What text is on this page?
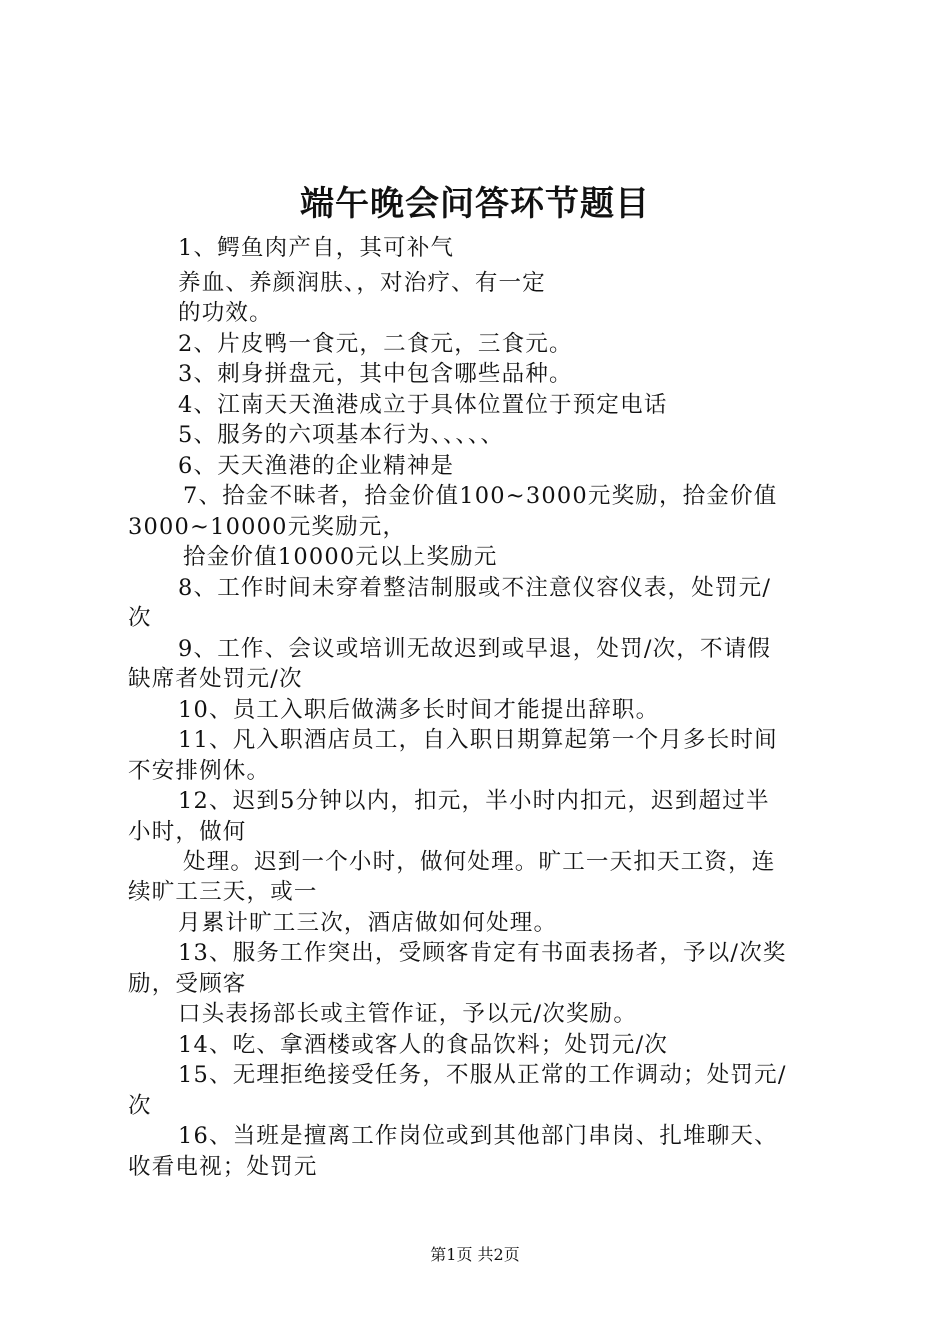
端午晚会问答环节题目
1、鳄鱼肉产自，其可补气
养血、养颜润肤、，对治疗、有一定
的功效。
2、片皮鸭一食元，二食元，三食元。
3、刺身拼盘元，其中包含哪些品种。
4、江南天天渔港成立于具体位置位于预定电话
5、服务的六项基本行为、、、、、
6、天天渔港的企业精神是
7、拾金不昧者，拾金价值100~3000元奖励，拾金价值
3000~10000元奖励元，
拾金价值10000元以上奖励元
8、工作时间未穿着整洁制服或不注意仪容仪表，处罚元/
次
9、工作、会议或培训无故迟到或早退，处罚/次，不请假
缺席者处罚元/次
10、员工入职后做满多长时间才能提出辞职。
11、凡入职酒店员工，自入职日期算起第一个月多长时间
不安排例休。
12、迟到5分钟以内，扣元，半小时内扣元，迟到超过半
小时，做何
处理。迟到一个小时，做何处理。旷工一天扣天工资，连
续旷工三天，或一
月累计旷工三次，酒店做如何处理。
13、服务工作突出，受顾客肯定有书面表扬者，予以/次奖
励，受顾客
口头表扬部长或主管作证，予以元/次奖励。
14、吃、拿酒楼或客人的食品饮料；处罚元/次
15、无理拒绝接受任务，不服从正常的工作调动；处罚元/
次
16、当班是擅离工作岗位或到其他部门串岗、扎堆聊天、
收看电视；处罚元
第1页 共2页
